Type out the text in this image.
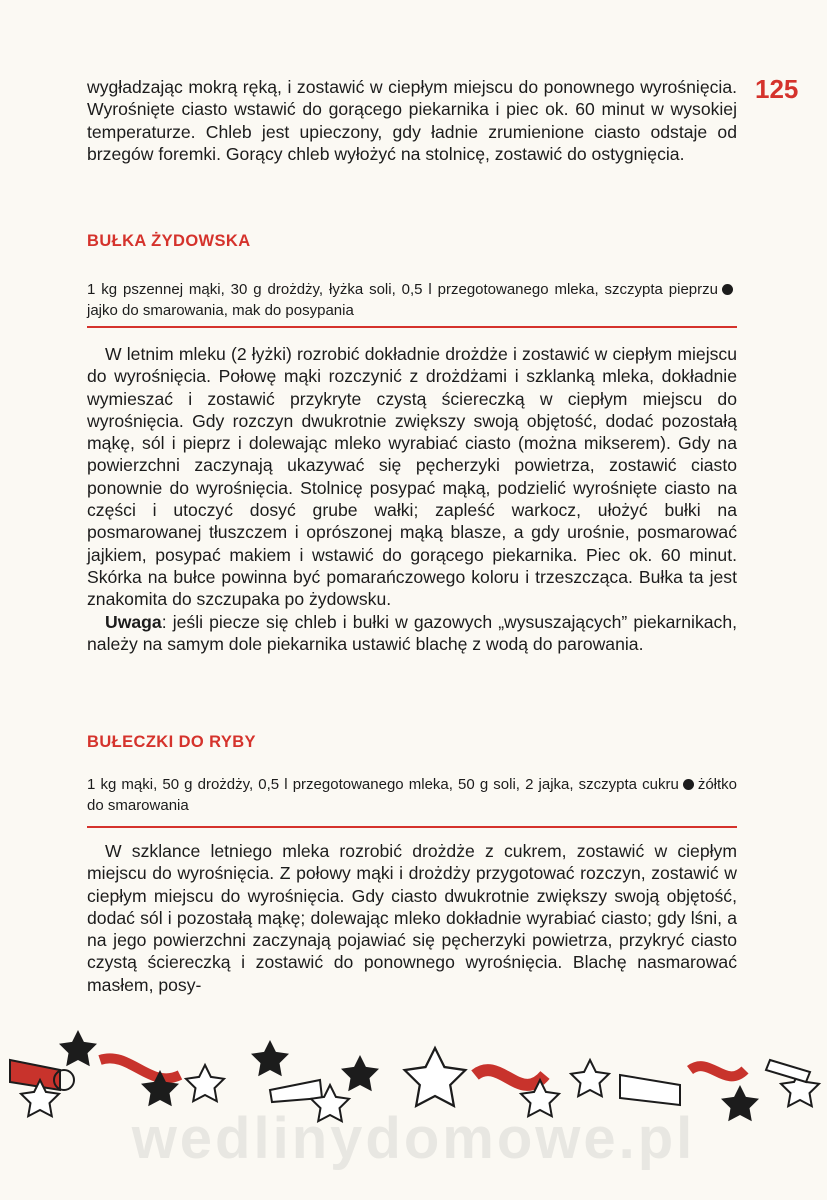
125

wygładzając mokrą ręką, i zostawić w ciepłym miejscu do ponownego wyrośnięcia. Wyrośnięte ciasto wstawić do gorącego piekarnika i piec ok. 60 minut w wysokiej temperaturze. Chleb jest upieczony, gdy ładnie zrumienione ciasto odstaje od brzegów foremki. Gorący chleb wyłożyć na stolnicę, zostawić do ostygnięcia.

BUŁKA ŻYDOWSKA

1 kg pszennej mąki, 30 g drożdży, łyżka soli, 0,5 l przegotowanego mleka, szczypta pieprzujajko do smarowania, mak do posypania

W letnim mleku (2 łyżki) rozrobić dokładnie drożdże i zostawić w ciepłym miejscu do wyrośnięcia. Połowę mąki rozczynić z drożdżami i szklanką mleka, dokładnie wymieszać i zostawić przykryte czystą ściereczką w ciepłym miejscu do wyrośnięcia. Gdy rozczyn dwukrotnie zwiększy swoją objętość, dodać pozostałą mąkę, sól i pieprz i dolewając mleko wyrabiać ciasto (można mikserem). Gdy na powierzchni zaczynają ukazywać się pęcherzyki powietrza, zostawić ciasto ponownie do wyrośnięcia. Stolnicę posypać mąką, podzielić wyrośnięte ciasto na części i utoczyć dosyć grube wałki; zapleść warkocz, ułożyć bułki na posmarowanej tłuszczem i oprószonej mąką blasze, a gdy urośnie, posmarować jajkiem, posypać makiem i wstawić do gorącego piekarnika. Piec ok. 60 minut. Skórka na bułce powinna być pomarańczowego koloru i trzeszcząca. Bułka ta jest znakomita do szczupaka po żydowsku.

Uwaga: jeśli piecze się chleb i bułki w gazowych „wysuszających” piekarnikach, należy na samym dole piekarnika ustawić blachę z wodą do parowania.

BUŁECZKI DO RYBY

1 kg mąki, 50 g drożdży, 0,5 l przegotowanego mleka, 50 g soli, 2 jajka, szczypta cukru żółtko do smarowania

W szklance letniego mleka rozrobić drożdże z cukrem, zostawić w ciepłym miejscu do wyrośnięcia. Z połowy mąki i drożdży przygotować rozczyn, zostawić w ciepłym miejscu do wyrośnięcia. Gdy ciasto dwukrotnie zwiększy swoją objętość, dodać sól i pozostałą mąkę; dolewając mleko dokładnie wyrabiać ciasto; gdy lśni, a na jego powierzchni zaczynają pojawiać się pęcherzyki powietrza, przykryć ciasto czystą ściereczką i zostawić do ponownego wyrośnięcia. Blachę nasmarować masłem, posy-

wedlinydomowe.pl
